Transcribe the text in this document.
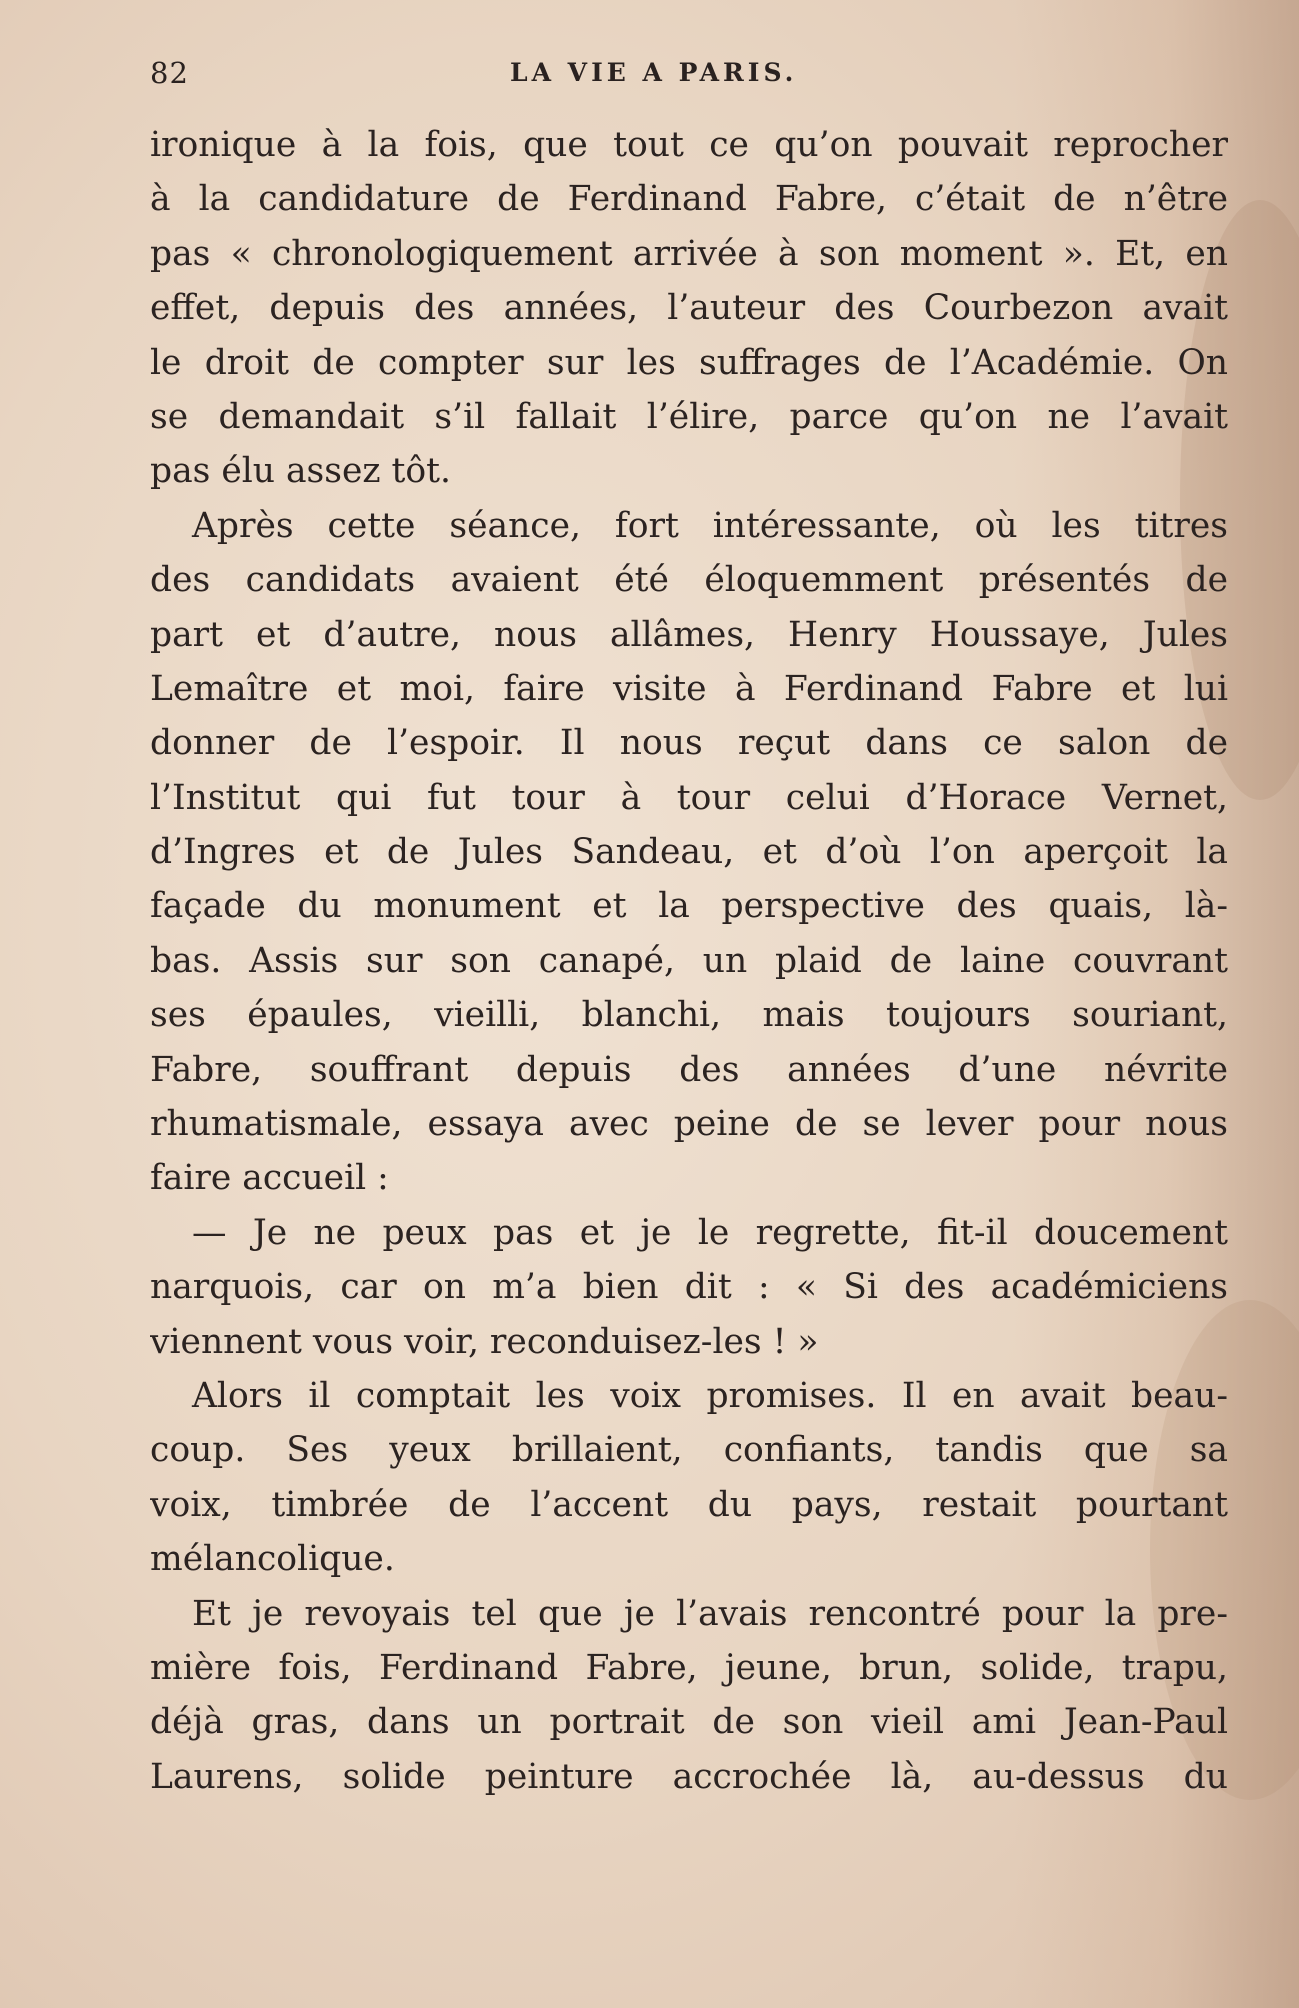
82	LA VIE A PARIS.
ironique à la fois, que tout ce qu’on pouvait reprocher
à la candidature de Ferdinand Fabre, c’était de n’être
pas « chronologiquement arrivée à son moment ». Et, en
effet, depuis des années, l’auteur des Courbezon avait
le droit de compter sur les suffrages de l’Académie. On
se demandait s’il fallait l’élire, parce qu’on ne l’avait
pas élu assez tôt.
Après cette séance, fort intéressante, où les titres
des candidats avaient été éloquemment présentés de
part et d’autre, nous allâmes, Henry Houssaye, Jules
Lemaître et moi, faire visite à Ferdinand Fabre et lui
donner de l’espoir. Il nous reçut dans ce salon de
l’Institut qui fut tour à tour celui d’Horace Vernet,
d’Ingres et de Jules Sandeau, et d’où l’on aperçoit la
façade du monument et la perspective des quais, là-
bas. Assis sur son canapé, un plaid de laine couvrant
ses épaules, vieilli, blanchi, mais toujours souriant,
Fabre, souffrant depuis des années d’une névrite
rhumatismale, essaya avec peine de se lever pour nous
faire accueil :
— Je ne peux pas et je le regrette, fit-il doucement
narquois, car on m’a bien dit : « Si des académiciens
viennent vous voir, reconduisez-les ! »
Alors il comptait les voix promises. Il en avait beau-
coup. Ses yeux brillaient, confiants, tandis que sa
voix, timbrée de l’accent du pays, restait pourtant
mélancolique.
Et je revoyais tel que je l’avais rencontré pour la pre-
mière fois, Ferdinand Fabre, jeune, brun, solide, trapu,
déjà gras, dans un portrait de son vieil ami Jean-Paul
Laurens, solide peinture accrochée là, au-dessus du
